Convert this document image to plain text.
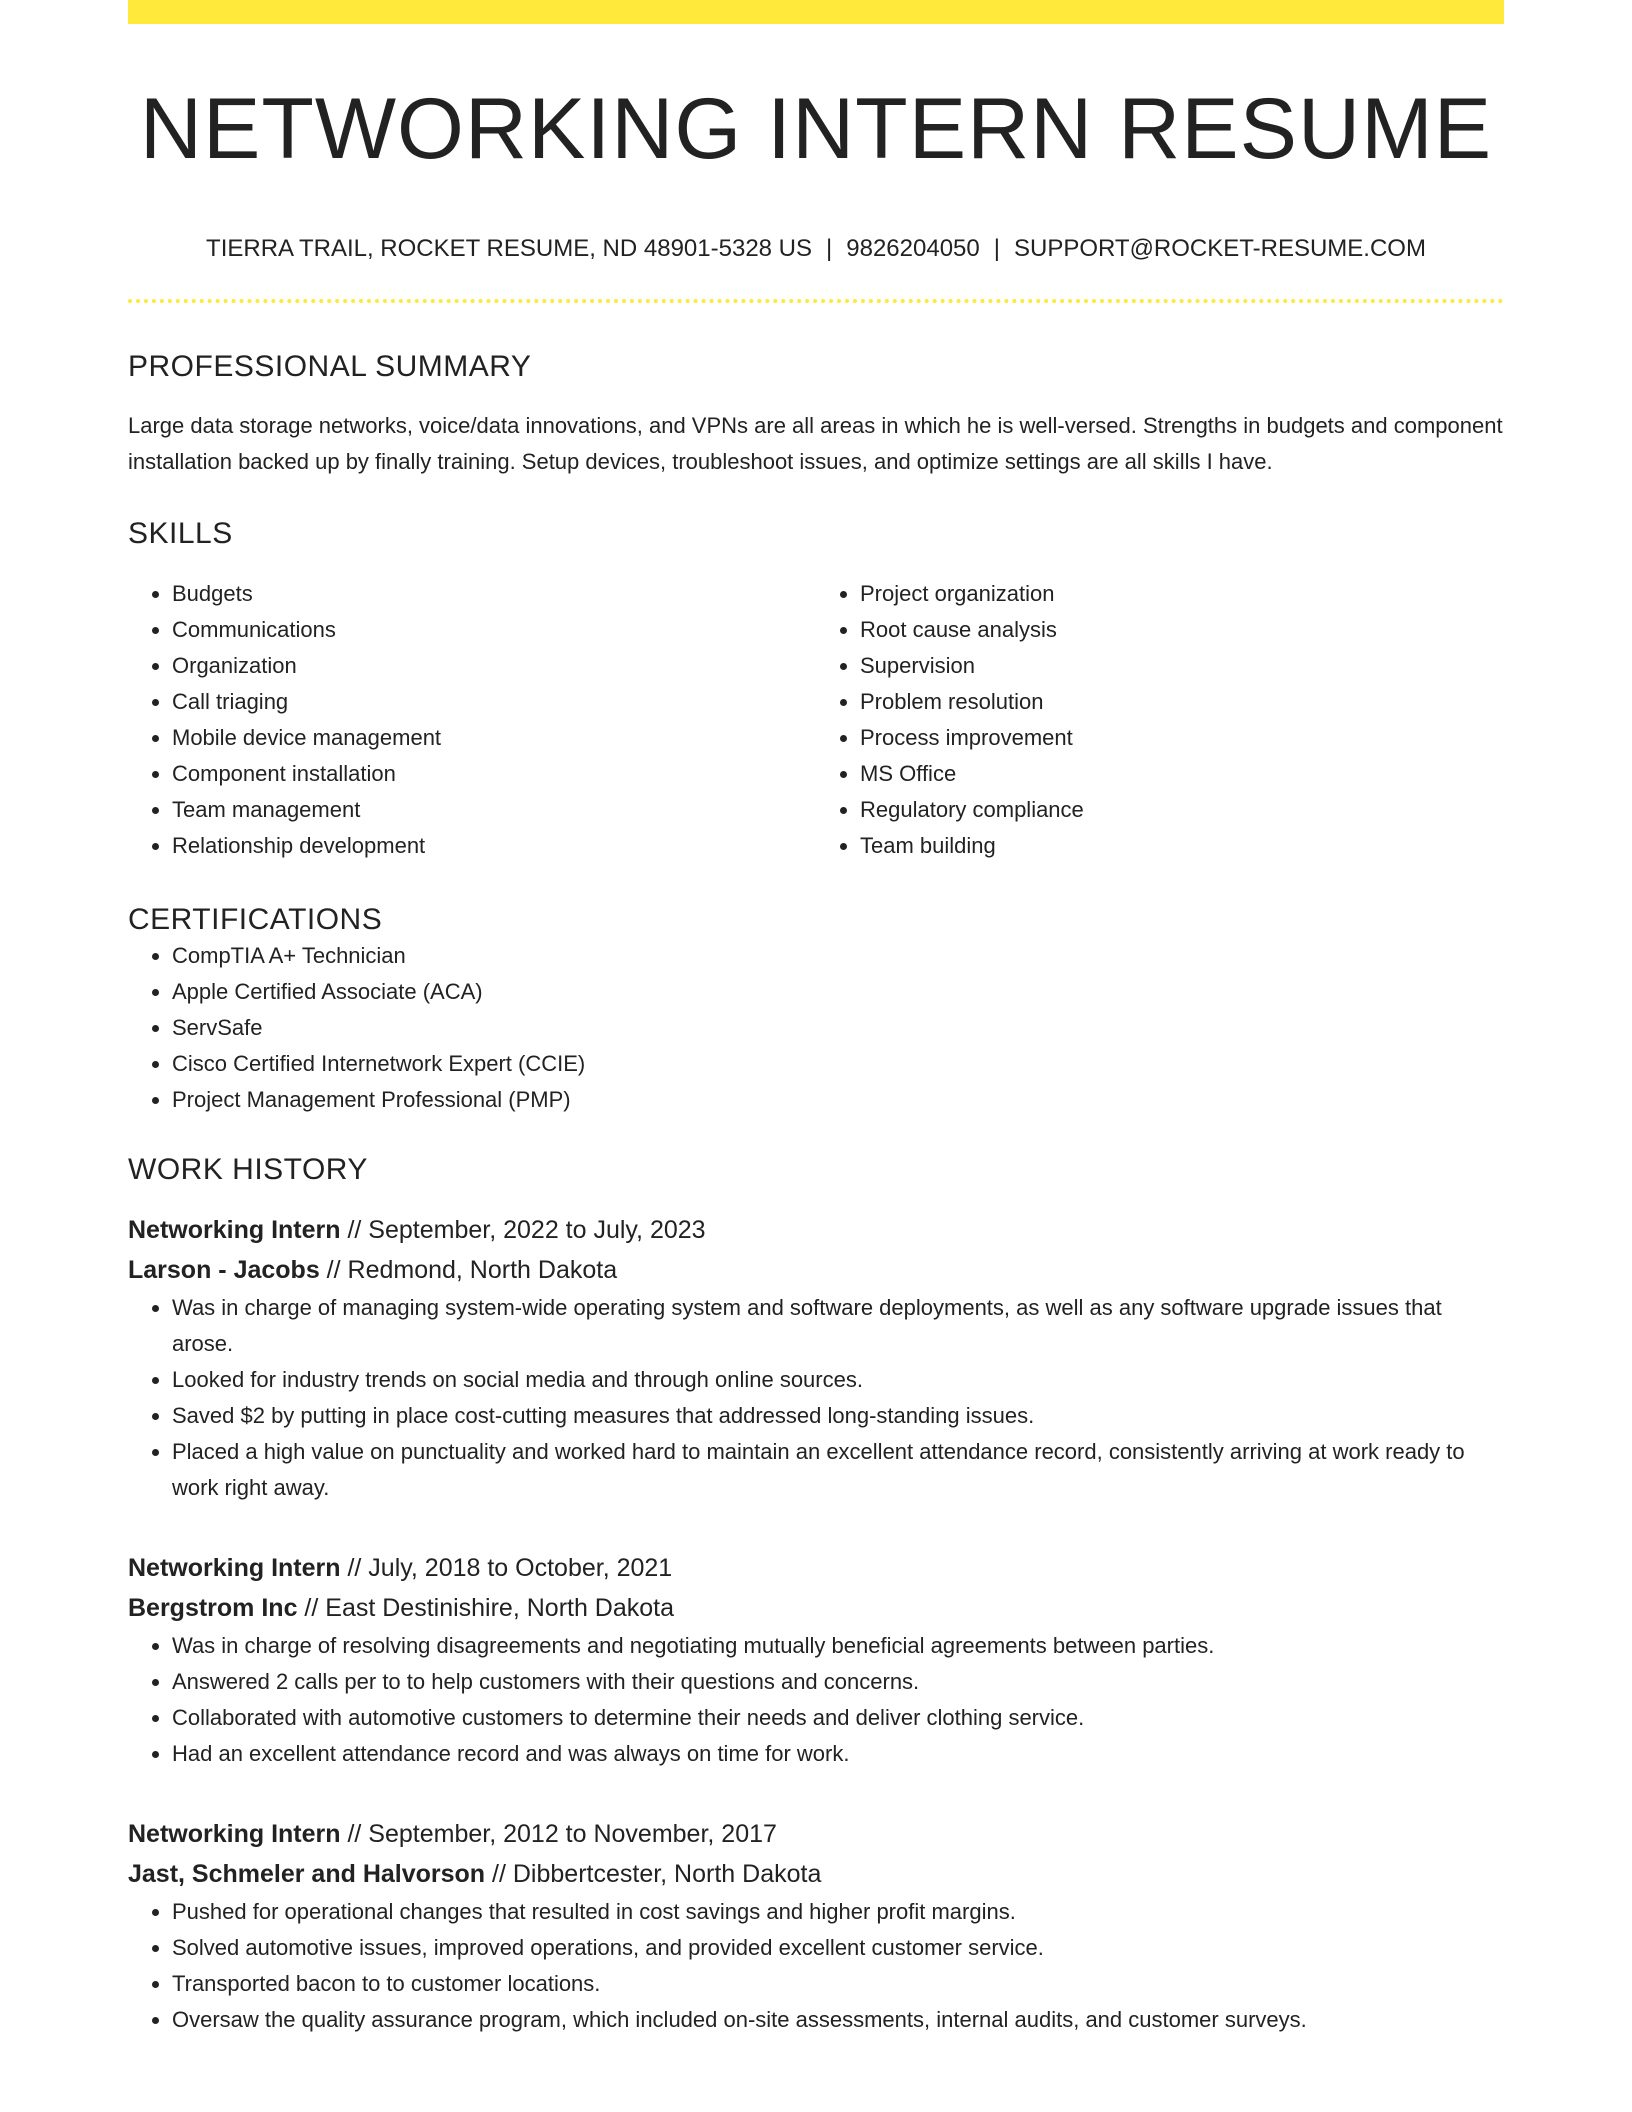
NETWORKING INTERN RESUME
TIERRA TRAIL, ROCKET RESUME, ND 48901-5328 US | 9826204050 | SUPPORT@ROCKET-RESUME.COM
PROFESSIONAL SUMMARY

Large data storage networks, voice/data innovations, and VPNs are all areas in which he is well-versed. Strengths in budgets and component installation backed up by finally training. Setup devices, troubleshoot issues, and optimize settings are all skills I have.

SKILLS
• Budgets
• Communications
• Organization
• Call triaging
• Mobile device management
• Component installation
• Team management
• Relationship development
• Project organization
• Root cause analysis
• Supervision
• Problem resolution
• Process improvement
• MS Office
• Regulatory compliance
• Team building
CERTIFICATIONS
• CompTIA A+ Technician
• Apple Certified Associate (ACA)
• ServSafe
• Cisco Certified Internetwork Expert (CCIE)
• Project Management Professional (PMP)
WORK HISTORY
Networking Intern // September, 2022 to July, 2023
Larson - Jacobs // Redmond, North Dakota
• Was in charge of managing system-wide operating system and software deployments, as well as any software upgrade issues that arose.
• Looked for industry trends on social media and through online sources.
• Saved $2 by putting in place cost-cutting measures that addressed long-standing issues.
• Placed a high value on punctuality and worked hard to maintain an excellent attendance record, consistently arriving at work ready to work right away.
Networking Intern // July, 2018 to October, 2021
Bergstrom Inc // East Destinishire, North Dakota
• Was in charge of resolving disagreements and negotiating mutually beneficial agreements between parties.
• Answered 2 calls per to to help customers with their questions and concerns.
• Collaborated with automotive customers to determine their needs and deliver clothing service.
• Had an excellent attendance record and was always on time for work.
Networking Intern // September, 2012 to November, 2017
Jast, Schmeler and Halvorson // Dibbertcester, North Dakota
• Pushed for operational changes that resulted in cost savings and higher profit margins.
• Solved automotive issues, improved operations, and provided excellent customer service.
• Transported bacon to to customer locations.
• Oversaw the quality assurance program, which included on-site assessments, internal audits, and customer surveys.
